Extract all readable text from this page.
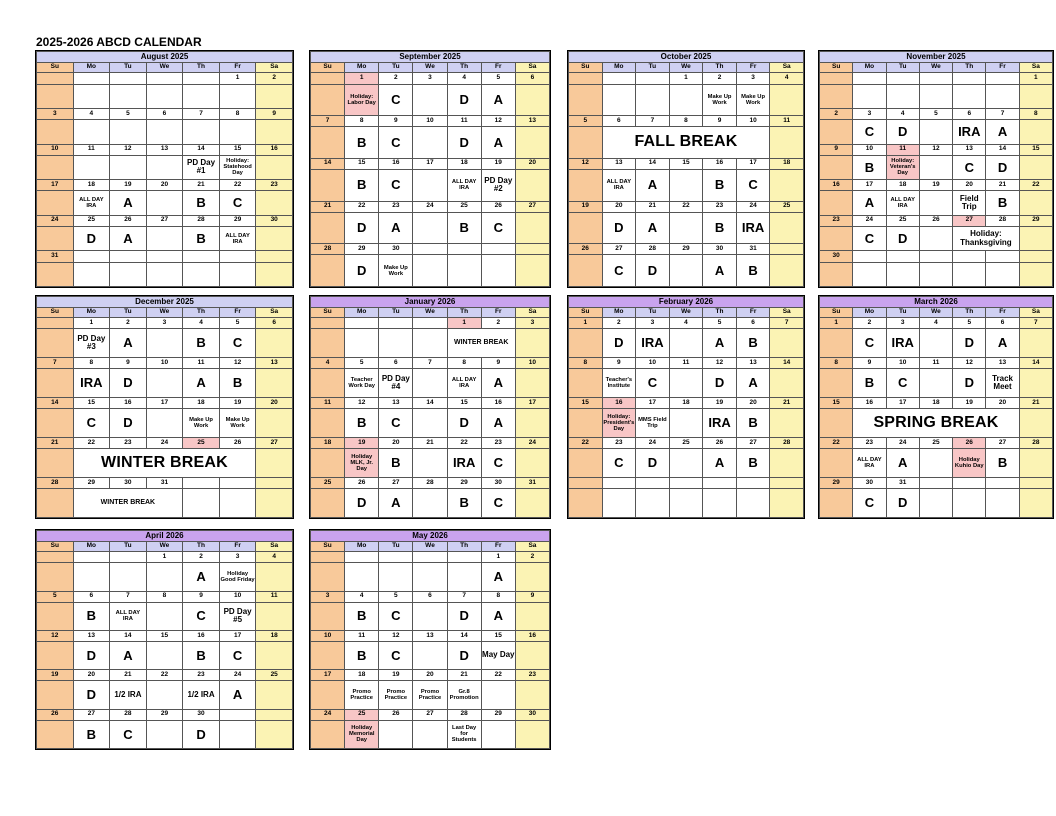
2025-2026 ABCD CALENDAR
August 2025						
Su	Mo	Tu	We	Th	Fr	Sa
					1	2

3	4	5	6	7	8	9

10	11	12	13	14	15	16
				PD Day #1	Holiday: Statehood Day	
17	18	19	20	21	22	23
	ALL DAY IRA	A		B	C	
24	25	26	27	28	29	30
	D	A		B	ALL DAY IRA	
31						

September 2025						
Su	Mo	Tu	We	Th	Fr	Sa
	1	2	3	4	5	6
	Holiday: Labor Day	C		D	A	
7	8	9	10	11	12	13
	B	C		D	A	
14	15	16	17	18	19	20
	B	C		ALL DAY IRA	PD Day #2	
21	22	23	24	25	26	27
	D	A		B	C	
28	29	30				
	D	Make Up Work				
October 2025						
Su	Mo	Tu	We	Th	Fr	Sa
			1	2	3	4
				Make Up Work	Make Up Work	
5	6	7	8	9	10	11
	FALL BREAK					
12	13	14	15	16	17	18
	ALL DAY IRA	A		B	C	
19	20	21	22	23	24	25
	D	A		B	IRA	
26	27	28	29	30	31	
	C	D		A	B	
November 2025						
Su	Mo	Tu	We	Th	Fr	Sa
						1

2	3	4	5	6	7	8
	C	D		IRA	A	
9	10	11	12	13	14	15
	B	Holiday: Veteran's Day		C	D	
16	17	18	19	20	21	22
	A	ALL DAY IRA		Field Trip	B	
23	24	25	26	27	28	29
	C	D		Holiday: Thanksgiving		
30						

December 2025						
Su	Mo	Tu	We	Th	Fr	Sa
	1	2	3	4	5	6
	PD Day #3	A		B	C	
7	8	9	10	11	12	13
	IRA	D		A	B	
14	15	16	17	18	19	20
	C	D		Make Up Work	Make Up Work	
21	22	23	24	25	26	27
	WINTER BREAK					
28	29	30	31			
	WINTER BREAK					
January 2026						
Su	Mo	Tu	We	Th	Fr	Sa
				1	2	3
				WINTER BREAK		
4	5	6	7	8	9	10
	Teacher Work Day	PD Day #4		ALL DAY IRA	A	
11	12	13	14	15	16	17
	B	C		D	A	
18	19	20	21	22	23	24
	Holiday MLK, Jr. Day	B		IRA	C	
25	26	27	28	29	30	31
	D	A		B	C	
February 2026						
Su	Mo	Tu	We	Th	Fr	Sa
1	2	3	4	5	6	7
	D	IRA		A	B	
8	9	10	11	12	13	14
	Teacher's Institute	C		D	A	
15	16	17	18	19	20	21
	Holiday: President's Day	MMS Field Trip		IRA	B	
22	23	24	25	26	27	28
	C	D		A	B	

March 2026						
Su	Mo	Tu	We	Th	Fr	Sa
1	2	3	4	5	6	7
	C	IRA		D	A	
8	9	10	11	12	13	14
	B	C		D	Track Meet	
15	16	17	18	19	20	21
	SPRING BREAK					
22	23	24	25	26	27	28
	ALL DAY IRA	A		Holiday Kuhio Day	B	
29	30	31				
	C	D				
April 2026						
Su	Mo	Tu	We	Th	Fr	Sa
			1	2	3	4
				A	Holiday Good Friday	
5	6	7	8	9	10	11
	B	ALL DAY IRA		C	PD Day #5	
12	13	14	15	16	17	18
	D	A		B	C	
19	20	21	22	23	24	25
	D	1/2 IRA		1/2 IRA	A	
26	27	28	29	30		
	B	C		D		
May 2026						
Su	Mo	Tu	We	Th	Fr	Sa
					1	2
					A	
3	4	5	6	7	8	9
	B	C		D	A	
10	11	12	13	14	15	16
	B	C		D	May Day	
17	18	19	20	21	22	23
	Promo Practice	Promo Practice	Promo Practice	Gr.8 Promotion		
24	25	26	27	28	29	30
	Holiday Memorial Day			Last Day for Students		
